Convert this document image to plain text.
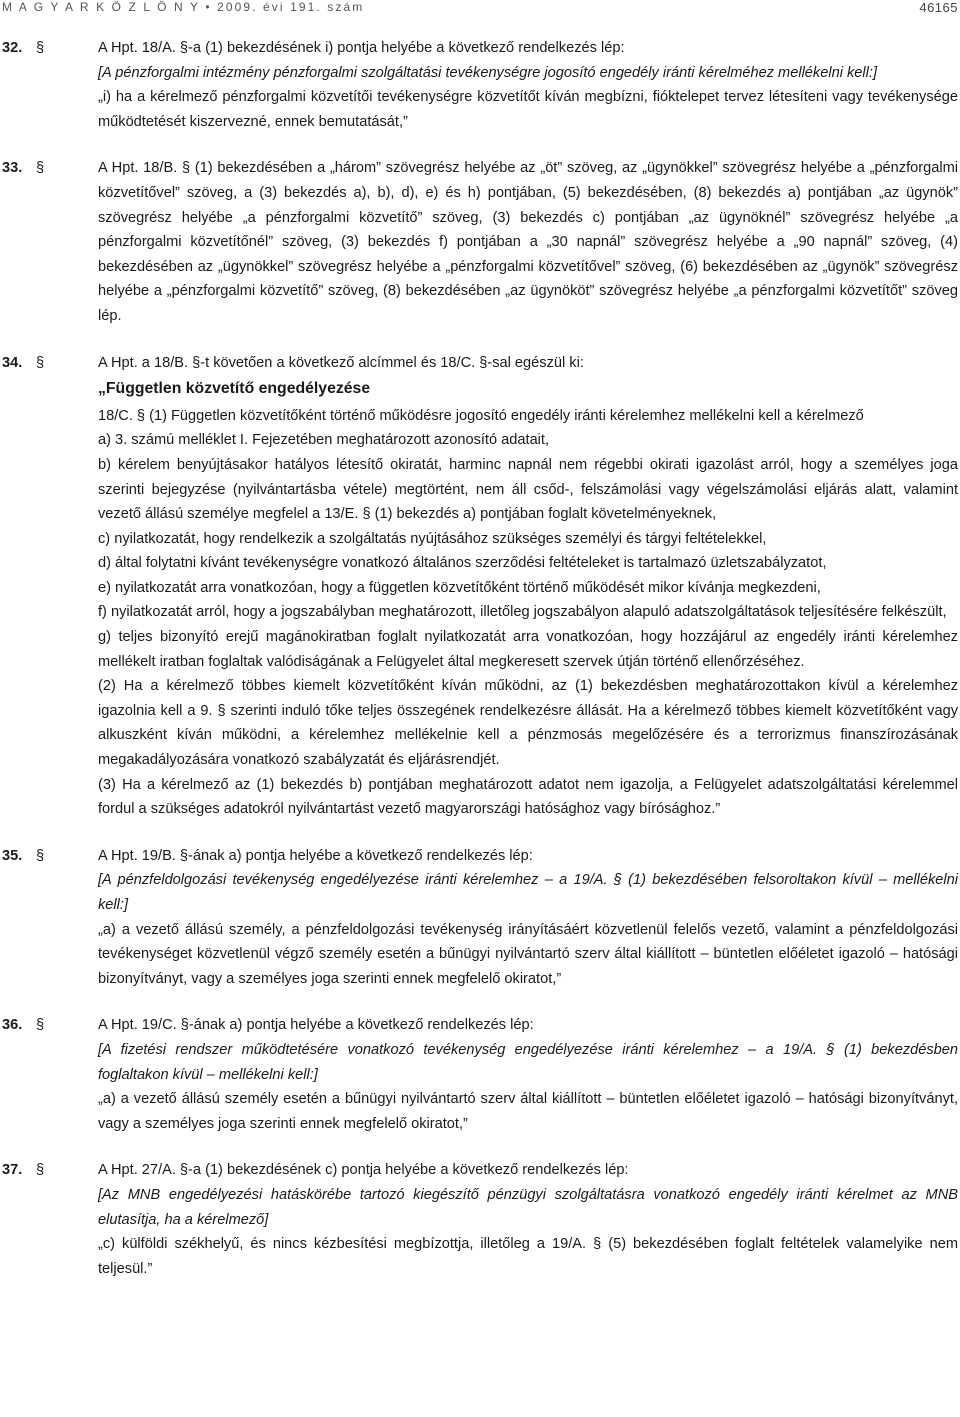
M A G Y A R K Ö Z L Ö N Y • 2009. évi 191. szám	46165
32. §	A Hpt. 18/A. §-a (1) bekezdésének i) pontja helyébe a következő rendelkezés lép:
[A pénzforgalmi intézmény pénzforgalmi szolgáltatási tevékenységre jogosító engedély iránti kérelméhez mellékelni kell:]
„i) ha a kérelmező pénzforgalmi közvetítői tevékenységre közvetítőt kíván megbízni, fióktelepet tervez létesíteni vagy tevékenysége működtetését kiszervezné, ennek bemutatását,”
33. §	A Hpt. 18/B. § (1) bekezdésében a „három” szövegrész helyébe az „öt” szöveg, az „ügynökkel” szövegrész helyébe a „pénzforgalmi közvetítővel” szöveg, a (3) bekezdés a), b), d), e) és h) pontjában, (5) bekezdésében, (8) bekezdés a) pontjában „az ügynök” szövegrész helyébe „a pénzforgalmi közvetítő” szöveg, (3) bekezdés c) pontjában „az ügynöknél” szövegrész helyébe „a pénzforgalmi közvetítőnél” szöveg, (3) bekezdés f) pontjában a „30 napnál” szövegrész helyébe a „90 napnál” szöveg, (4) bekezdésében az „ügynökkel” szövegrész helyébe a „pénzforgalmi közvetítővel” szöveg, (6) bekezdésében az „ügynök” szövegrész helyébe a „pénzforgalmi közvetítő” szöveg, (8) bekezdésében „az ügynököt” szövegrész helyébe „a pénzforgalmi közvetítőt” szöveg lép.
34. §	A Hpt. a 18/B. §-t követően a következő alcímmel és 18/C. §-sal egészül ki:
„Független közvetítő engedélyezése
18/C. § (1) Független közvetítőként történő működésre jogosító engedély iránti kérelemhez mellékelni kell a kérelmező
a) 3. számú melléklet I. Fejezetében meghatározott azonosító adatait,
b) kérelem benyújtásakor hatályos létesítő okiratát, harminc napnál nem régebbi okirati igazolást arról, hogy a személyes joga szerinti bejegyzése (nyilvántartásba vétele) megtörtént, nem áll csőd-, felszámolási vagy végelszámolási eljárás alatt, valamint vezető állású személye megfelel a 13/E. § (1) bekezdés a) pontjában foglalt követelményeknek,
c) nyilatkozatát, hogy rendelkezik a szolgáltatás nyújtásához szükséges személyi és tárgyi feltételekkel,
d) által folytatni kívánt tevékenységre vonatkozó általános szerződési feltételeket is tartalmazó üzletszabályzatot,
e) nyilatkozatát arra vonatkozóan, hogy a független közvetítőként történő működését mikor kívánja megkezdeni,
f) nyilatkozatát arról, hogy a jogszabályban meghatározott, illetőleg jogszabályon alapuló adatszolgáltatások teljesítésére felkészült,
g) teljes bizonyító erejű magánokiratban foglalt nyilatkozatát arra vonatkozóan, hogy hozzájárul az engedély iránti kérelemhez mellékelt iratban foglaltak valódiságának a Felügyelet által megkeresett szervek útján történő ellenőrzéséhez.
(2) Ha a kérelmező többes kiemelt közvetítőként kíván működni, az (1) bekezdésben meghatározottakon kívül a kérelemhez igazolnia kell a 9. § szerinti induló tőke teljes összegének rendelkezésre állását. Ha a kérelmező többes kiemelt közvetítőként vagy alkuszként kíván működni, a kérelemhez mellékelnie kell a pénzmosás megelőzésére és a terrorizmus finanszírozásának megakadályozására vonatkozó szabályzatát és eljárásrendjét.
(3) Ha a kérelmező az (1) bekezdés b) pontjában meghatározott adatot nem igazolja, a Felügyelet adatszolgáltatási kérelemmel fordul a szükséges adatokról nyilvántartást vezető magyarországi hatósághoz vagy bírósághoz.”
35. §	A Hpt. 19/B. §-ának a) pontja helyébe a következő rendelkezés lép:
[A pénzfeldolgozási tevékenység engedélyezése iránti kérelemhez – a 19/A. § (1) bekezdésében felsoroltakon kívül – mellékelni kell:]
„a) a vezető állású személy, a pénzfeldolgozási tevékenység irányításáért közvetlenül felelős vezető, valamint a pénzfeldolgozási tevékenységet közvetlenül végző személy esetén a bűnügyi nyilvántartó szerv által kiállított – büntetlen előéletet igazoló – hatósági bizonyítványt, vagy a személyes joga szerinti ennek megfelelő okiratot,”
36. §	A Hpt. 19/C. §-ának a) pontja helyébe a következő rendelkezés lép:
[A fizetési rendszer működtetésére vonatkozó tevékenység engedélyezése iránti kérelemhez – a 19/A. § (1) bekezdésben foglaltakon kívül – mellékelni kell:]
„a) a vezető állású személy esetén a bűnügyi nyilvántartó szerv által kiállított – büntetlen előéletet igazoló – hatósági bizonyítványt, vagy a személyes joga szerinti ennek megfelelő okiratot,”
37. §	A Hpt. 27/A. §-a (1) bekezdésének c) pontja helyébe a következő rendelkezés lép:
[Az MNB engedélyezési hatáskörébe tartozó kiegészítő pénzügyi szolgáltatásra vonatkozó engedély iránti kérelmet az MNB elutasítja, ha a kérelmező]
„c) külföldi székhelyű, és nincs kézbesítési megbízottja, illetőleg a 19/A. § (5) bekezdésében foglalt feltételek valamelyike nem teljesül.”
